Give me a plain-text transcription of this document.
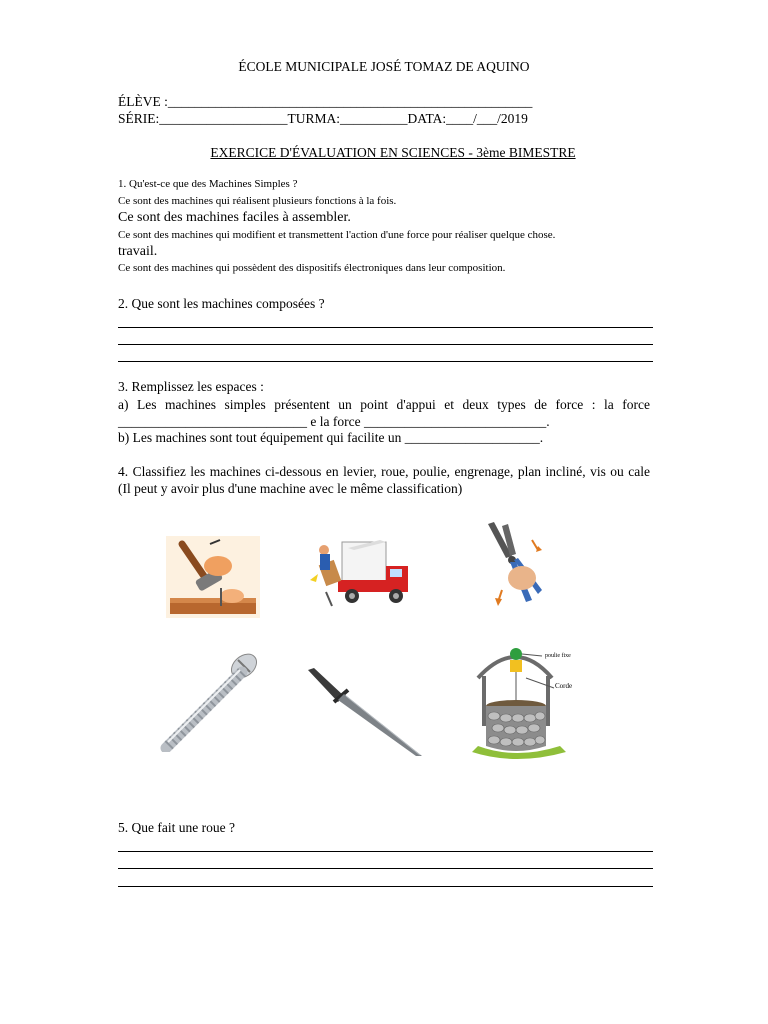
ÉCOLE MUNICIPALE JOSÉ TOMAZ DE AQUINO
ÉLÈVE :______________________________________________________
SÉRIE:___________________TURMA:__________DATA:____/___/2019
EXERCICE D'ÉVALUATION EN SCIENCES - 3ème BIMESTRE
1. Qu'est-ce que des Machines Simples ?
Ce sont des machines qui réalisent plusieurs fonctions à la fois.
Ce sont des machines faciles à assembler.
Ce sont des machines qui modifient et transmettent l'action d'une force pour réaliser quelque chose.
travail.
Ce sont des machines qui possèdent des dispositifs électroniques dans leur composition.
2. Que sont les machines composées ?
3. Remplissez les espaces :
a) Les machines simples présentent un point d'appui et deux types de force : la force ____________________________ e la force ___________________________.
b) Les machines sont tout équipement qui facilite un ____________________.
4. Classifiez les machines ci-dessous en levier, roue, poulie, engrenage, plan incliné, vis ou cale (Il peut y avoir plus d'une machine avec le même classification)
poulie fixe
Corde
5. Que fait une roue ?
